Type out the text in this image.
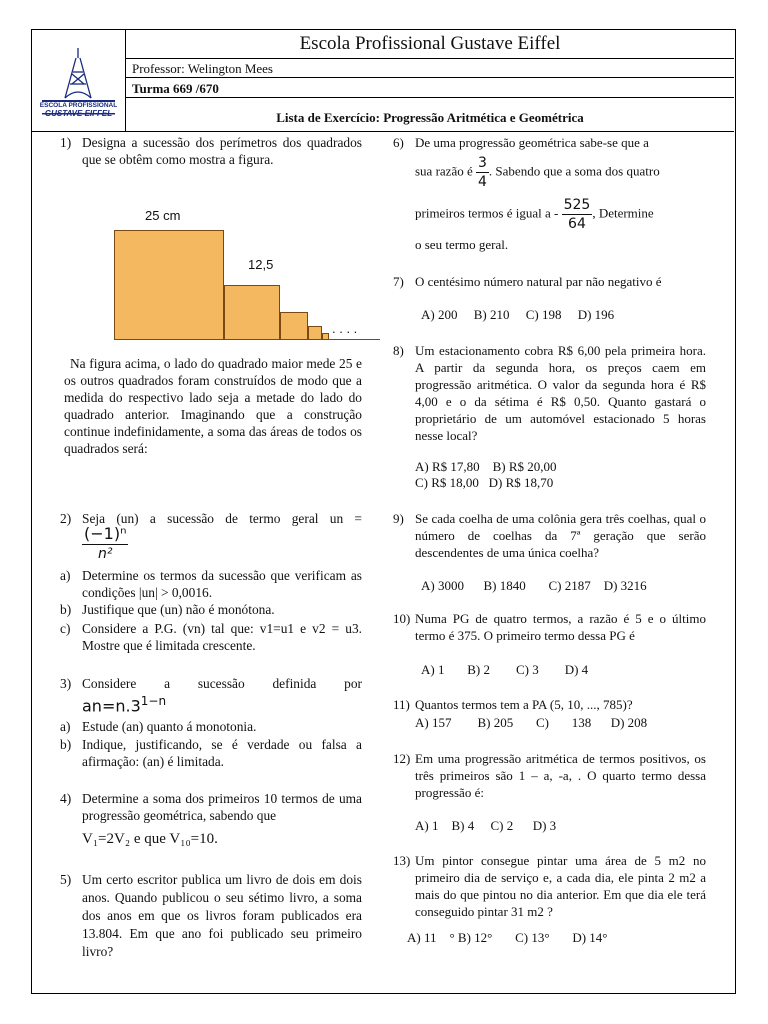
ESCOLA PROFISSIONAL
GUSTAVE EIFFEL
Escola Profissional Gustave Eiffel
Professor: Welington Mees
Turma 669 /670
Lista de Exercício: Progressão Aritmética e Geométrica
1) Designa a sucessão dos perímetros dos quadrados que se obtêm como mostra a figura.
25 cm
12,5
. . . .
Na figura acima, o lado do quadrado maior mede 25 e os outros quadrados foram construídos de modo que a medida do respectivo lado seja a metade do lado do quadrado anterior. Imaginando que a construção continue indefinidamente, a soma das áreas de todos os quadrados será:
2) Seja (un) a sucessão de termo geral un =
$\frac{\text{(−1)ⁿ}}{\text{n²}}$
a) Determine os termos da sucessão que verificam as condições |un| > 0,0016.
b) Justifique que (un) não é monótona.
c) Considere a P.G. (vn) tal que: v1=u1 e v2 = u3. Mostre que é limitada crescente.
3) Considere a sucessão definida por
$an=n.3^{1-n}$
a) Estude (an) quanto á monotonia.
b) Indique, justificando, se é verdade ou falsa a afirmação: (an) é limitada.
4) Determine a soma dos primeiros 10 termos de uma progressão geométrica, sabendo que
V₁=2V₂ e que V₁₀=10.
5) Um certo escritor publica um livro de dois em dois anos. Quando publicou o seu sétimo livro, a soma dos anos em que os livros foram publicados era 13.804. Em que ano foi publicado seu primeiro livro?
6) De uma progressão geométrica sabe-se que a
sua razão é $\frac{3}{4}$ . Sabendo que a soma dos quatro
primeiros termos é igual a - $\frac{525}{64}$ , Determine
o seu termo geral.
7) O centésimo número natural par não negativo é
A) 200     B) 210     C) 198     D) 196
8) Um estacionamento cobra R$ 6,00 pela primeira hora. A partir da segunda hora, os preços caem em progressão aritmética. O valor da segunda hora é R$ 4,00 e o da sétima é R$ 0,50. Quanto gastará o proprietário de um automóvel estacionado 5 horas nesse local?
A) R$ 17,80    B) R$ 20,00
C) R$ 18,00   D) R$ 18,70
9) Se cada coelha de uma colônia gera três coelhas, qual o número de coelhas da 7ª geração que serão descendentes de uma única coelha?
A) 3000      B) 1840       C) 2187    D) 3216
10) Numa PG de quatro termos, a razão é 5 e o último termo é 375. O primeiro termo dessa PG é
A) 1       B) 2        C) 3        D) 4
11) Quantos termos tem a PA (5, 10, ..., 785)?
A) 157        B) 205       C)       138      D) 208
12) Em uma progressão aritmética de termos positivos, os três primeiros são 1 – a, -a, . O quarto termo dessa progressão é:
A) 1    B) 4     C) 2      D) 3
13) Um pintor consegue pintar uma área de 5 m2 no primeiro dia de serviço e, a cada dia, ele pinta 2 m2 a mais do que pintou no dia anterior. Em que dia ele terá conseguido pintar 31 m2 ?
A) 11    ° B) 12°       C) 13°       D) 14°
